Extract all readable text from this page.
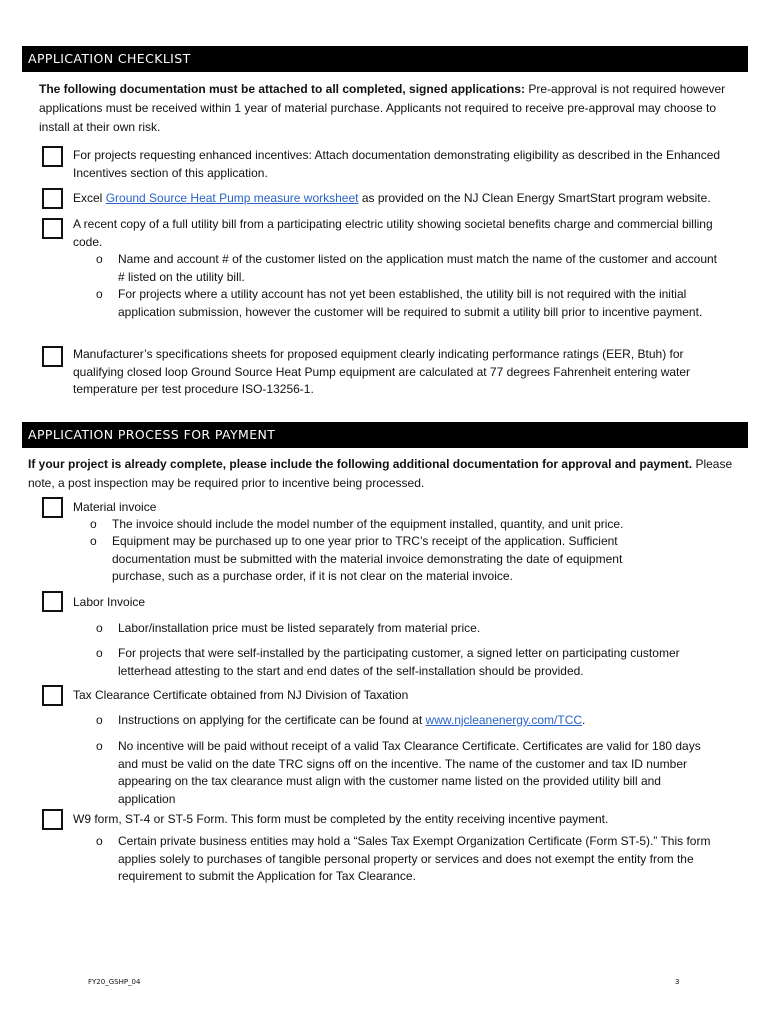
APPLICATION CHECKLIST

The following documentation must be attached to all completed, signed applications: Pre-approval is not required however applications must be received within 1 year of material purchase. Applicants not required to receive pre-approval may choose to install at their own risk.

For projects requesting enhanced incentives: Attach documentation demonstrating eligibility as described in the Enhanced Incentives section of this application.

Excel Ground Source Heat Pump measure worksheet as provided on the NJ Clean Energy SmartStart program website.

A recent copy of a full utility bill from a participating electric utility showing societal benefits charge and commercial billing code.

o Name and account # of the customer listed on the application must match the name of the customer and account # listed on the utility bill.

o For projects where a utility account has not yet been established, the utility bill is not required with the initial application submission, however the customer will be required to submit a utility bill prior to incentive payment.

Manufacturer’s specifications sheets for proposed equipment clearly indicating performance ratings (EER, Btuh) for qualifying closed loop Ground Source Heat Pump equipment are calculated at 77 degrees Fahrenheit entering water temperature per test procedure ISO-13256-1.

APPLICATION PROCESS FOR PAYMENT

If your project is already complete, please include the following additional documentation for approval and payment. Please note, a post inspection may be required prior to incentive being processed.

Material invoice

o The invoice should include the model number of the equipment installed, quantity, and unit price.

o Equipment may be purchased up to one year prior to TRC’s receipt of the application. Sufficient documentation must be submitted with the material invoice demonstrating the date of equipment purchase, such as a purchase order, if it is not clear on the material invoice.

Labor Invoice

o Labor/installation price must be listed separately from material price.

o For projects that were self-installed by the participating customer, a signed letter on participating customer letterhead attesting to the start and end dates of the self-installation should be provided.

Tax Clearance Certificate obtained from NJ Division of Taxation

o Instructions on applying for the certificate can be found at www.njcleanenergy.com/TCC.

o No incentive will be paid without receipt of a valid Tax Clearance Certificate. Certificates are valid for 180 days and must be valid on the date TRC signs off on the incentive. The name of the customer and tax ID number appearing on the tax clearance must align with the customer name listed on the provided utility bill and application

W9 form, ST-4 or ST-5 Form. This form must be completed by the entity receiving incentive payment.

o Certain private business entities may hold a “Sales Tax Exempt Organization Certificate (Form ST-5).” This form applies solely to purchases of tangible personal property or services and does not exempt the entity from the requirement to submit the Application for Tax Clearance.

FY20_GSHP_04	3
